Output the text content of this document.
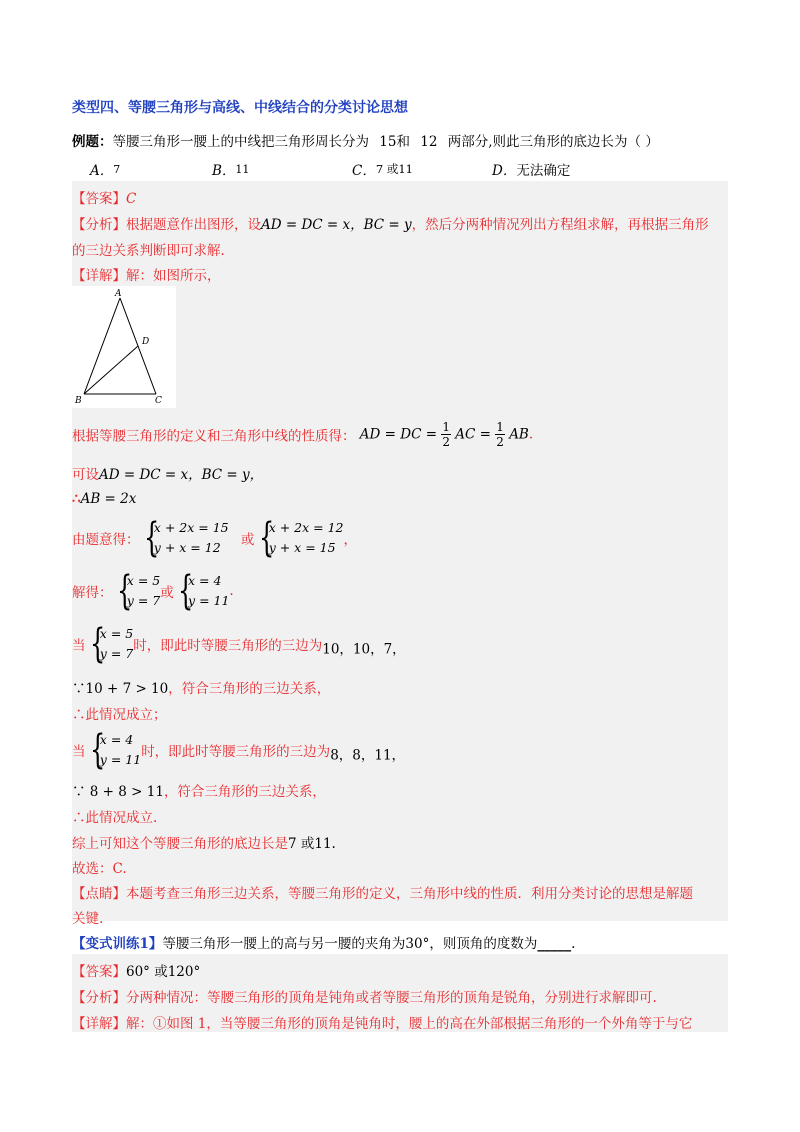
类型四、等腰三角形与高线、中线结合的分类讨论思想
例题：等腰三角形一腰上的中线把三角形周长分为 15和 12 两部分,则此三角形的底边长为（ ）
A．7	B．11	C．7 或11	D．无法确定
【答案】C
【分析】根据题意作出图形，设AD = DC = x，BC = y，然后分两种情况列出方程组求解，再根据三角形
的三边关系判断即可求解.
【详解】解：如图所示，
A
D
B	C
根据等腰三角形的定义和三角形中线的性质得： AD = DC = $\frac{1}{2}$ AC = $\frac{1}{2}$ AB.
可设AD = DC = x，BC = y，
∴AB = 2x
由题意得： {
x + 2x = 15
y + x = 12	或 {
x + 2x = 12
y + x = 15 ，
解得： {
x = 5
y = 7 或 {
x = 4
y = 11
.
当 {
x = 5
y = 7 时，即此时等腰三角形的三边为10，10，7，
∵10 + 7 > 10，符合三角形的三边关系，
∴此情况成立；
当 {
x = 4
y = 11 时，即此时等腰三角形的三边为8，8，11，
∵ 8 + 8 > 11，符合三角形的三边关系，
∴此情况成立.
综上可知这个等腰三角形的底边长是7 或11.
故选：C.
【点睛】本题考查三角形三边关系，等腰三角形的定义，三角形中线的性质．利用分类讨论的思想是解题
关键.
【变式训练1】等腰三角形一腰上的高与另一腰的夹角为30°，则顶角的度数为_____.
【答案】60° 或120°
【分析】分两种情况：等腰三角形的顶角是钝角或者等腰三角形的顶角是锐角，分别进行求解即可.
【详解】解：①如图 1，当等腰三角形的顶角是钝角时，腰上的高在外部根据三角形的一个外角等于与它
